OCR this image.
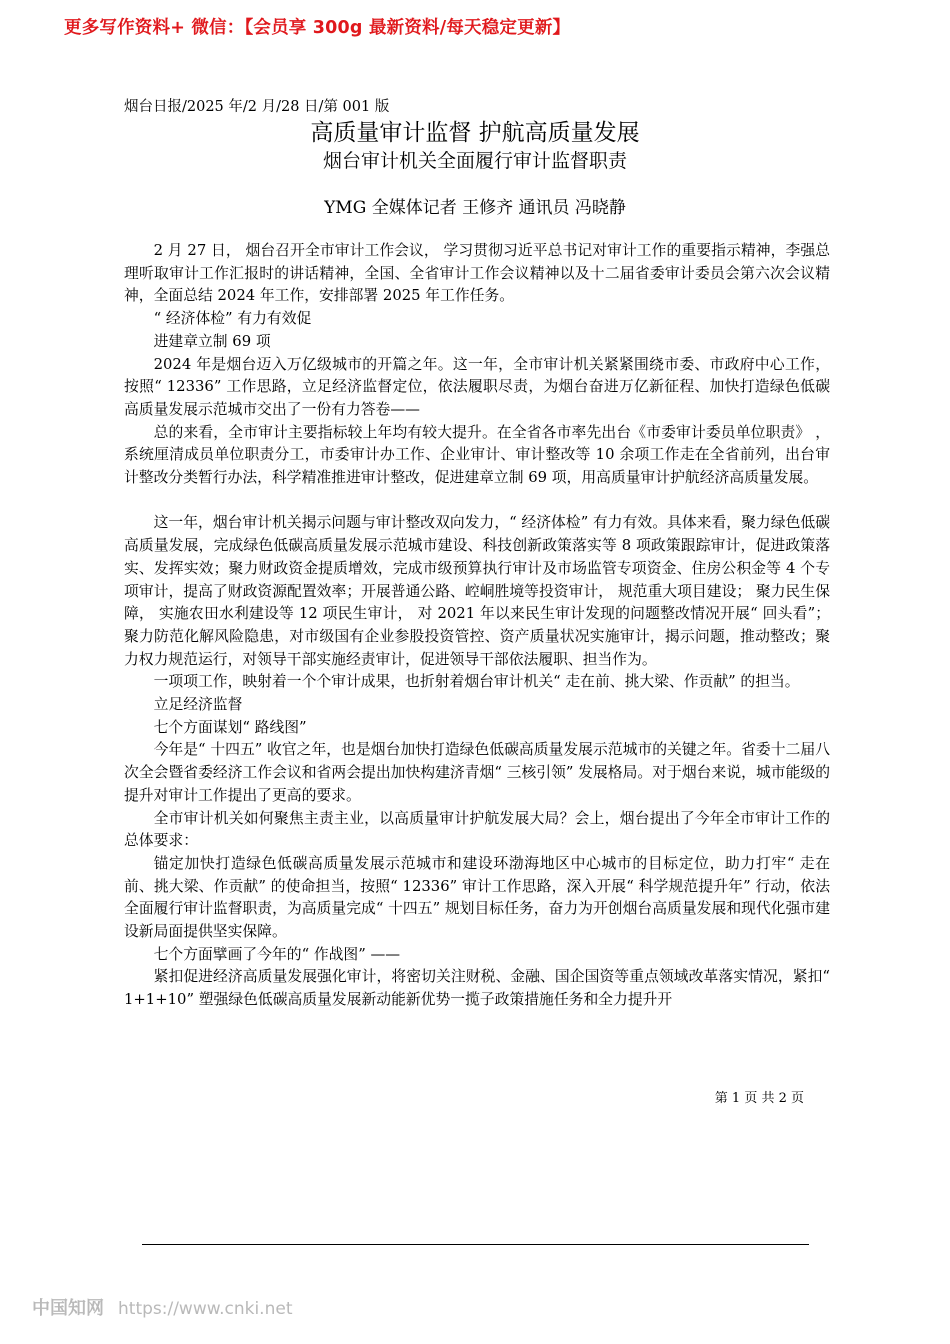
更多写作资料+ 微信：【会员享 300g 最新资料/每天稳定更新】
烟台日报/2025 年/2 月/28 日/第 001 版
高质量审计监督 护航高质量发展
烟台审计机关全面履行审计监督职责
YMG 全媒体记者 王修齐 通讯员 冯晓静

2 月 27 日， 烟台召开全市审计工作会议， 学习贯彻习近平总书记对审计工作的重要指示精神，李强总理听取审计工作汇报时的讲话精神，全国、全省审计工作会议精神以及十二届省委审计委员会第六次会议精神，全面总结 2024 年工作，安排部署 2025 年工作任务。

“ 经济体检” 有力有效促

进建章立制 69 项

2024 年是烟台迈入万亿级城市的开篇之年。这一年，全市审计机关紧紧围绕市委、市政府中心工作，按照“ 12336” 工作思路，立足经济监督定位，依法履职尽责，为烟台奋进万亿新征程、加快打造绿色低碳高质量发展示范城市交出了一份有力答卷——

总的来看，全市审计主要指标较上年均有较大提升。在全省各市率先出台《市委审计委员单位职责》 ，系统厘清成员单位职责分工，市委审计办工作、企业审计、审计整改等 10 余项工作走在全省前列，出台审计整改分类暂行办法，科学精准推进审计整改，促进建章立制 69 项，用高质量审计护航经济高质量发展。

这一年，烟台审计机关揭示问题与审计整改双向发力，“ 经济体检” 有力有效。具体来看，聚力绿色低碳高质量发展，完成绿色低碳高质量发展示范城市建设、科技创新政策落实等 8 项政策跟踪审计，促进政策落实、发挥实效；聚力财政资金提质增效，完成市级预算执行审计及市场监管专项资金、住房公积金等 4 个专项审计，提高了财政资源配置效率；开展普通公路、崆峒胜境等投资审计， 规范重大项目建设； 聚力民生保障， 实施农田水利建设等 12 项民生审计， 对 2021 年以来民生审计发现的问题整改情况开展“ 回头看”；聚力防范化解风险隐患，对市级国有企业参股投资管控、资产质量状况实施审计，揭示问题，推动整改；聚力权力规范运行，对领导干部实施经责审计，促进领导干部依法履职、担当作为。

一项项工作，映射着一个个审计成果，也折射着烟台审计机关“ 走在前、挑大梁、作贡献” 的担当。

立足经济监督

七个方面谋划“ 路线图”

今年是“ 十四五” 收官之年，也是烟台加快打造绿色低碳高质量发展示范城市的关键之年。省委十二届八次全会暨省委经济工作会议和省两会提出加快构建济青烟“ 三核引领” 发展格局。对于烟台来说，城市能级的提升对审计工作提出了更高的要求。

全市审计机关如何聚焦主责主业，以高质量审计护航发展大局？会上，烟台提出了今年全市审计工作的总体要求：

锚定加快打造绿色低碳高质量发展示范城市和建设环渤海地区中心城市的目标定位，助力打牢“ 走在前、挑大梁、作贡献” 的使命担当，按照“ 12336” 审计工作思路，深入开展“ 科学规范提升年” 行动，依法全面履行审计监督职责，为高质量完成“ 十四五” 规划目标任务，奋力为开创烟台高质量发展和现代化强市建设新局面提供坚实保障。

七个方面擘画了今年的“ 作战图” ——

紧扣促进经济高质量发展强化审计，将密切关注财税、金融、国企国资等重点领域改革落实情况，紧扣“ 1+1+10” 塑强绿色低碳高质量发展新动能新优势一揽子政策措施任务和全力提升开

第 1 页 共 2 页
中国知网 https://www.cnki.net
